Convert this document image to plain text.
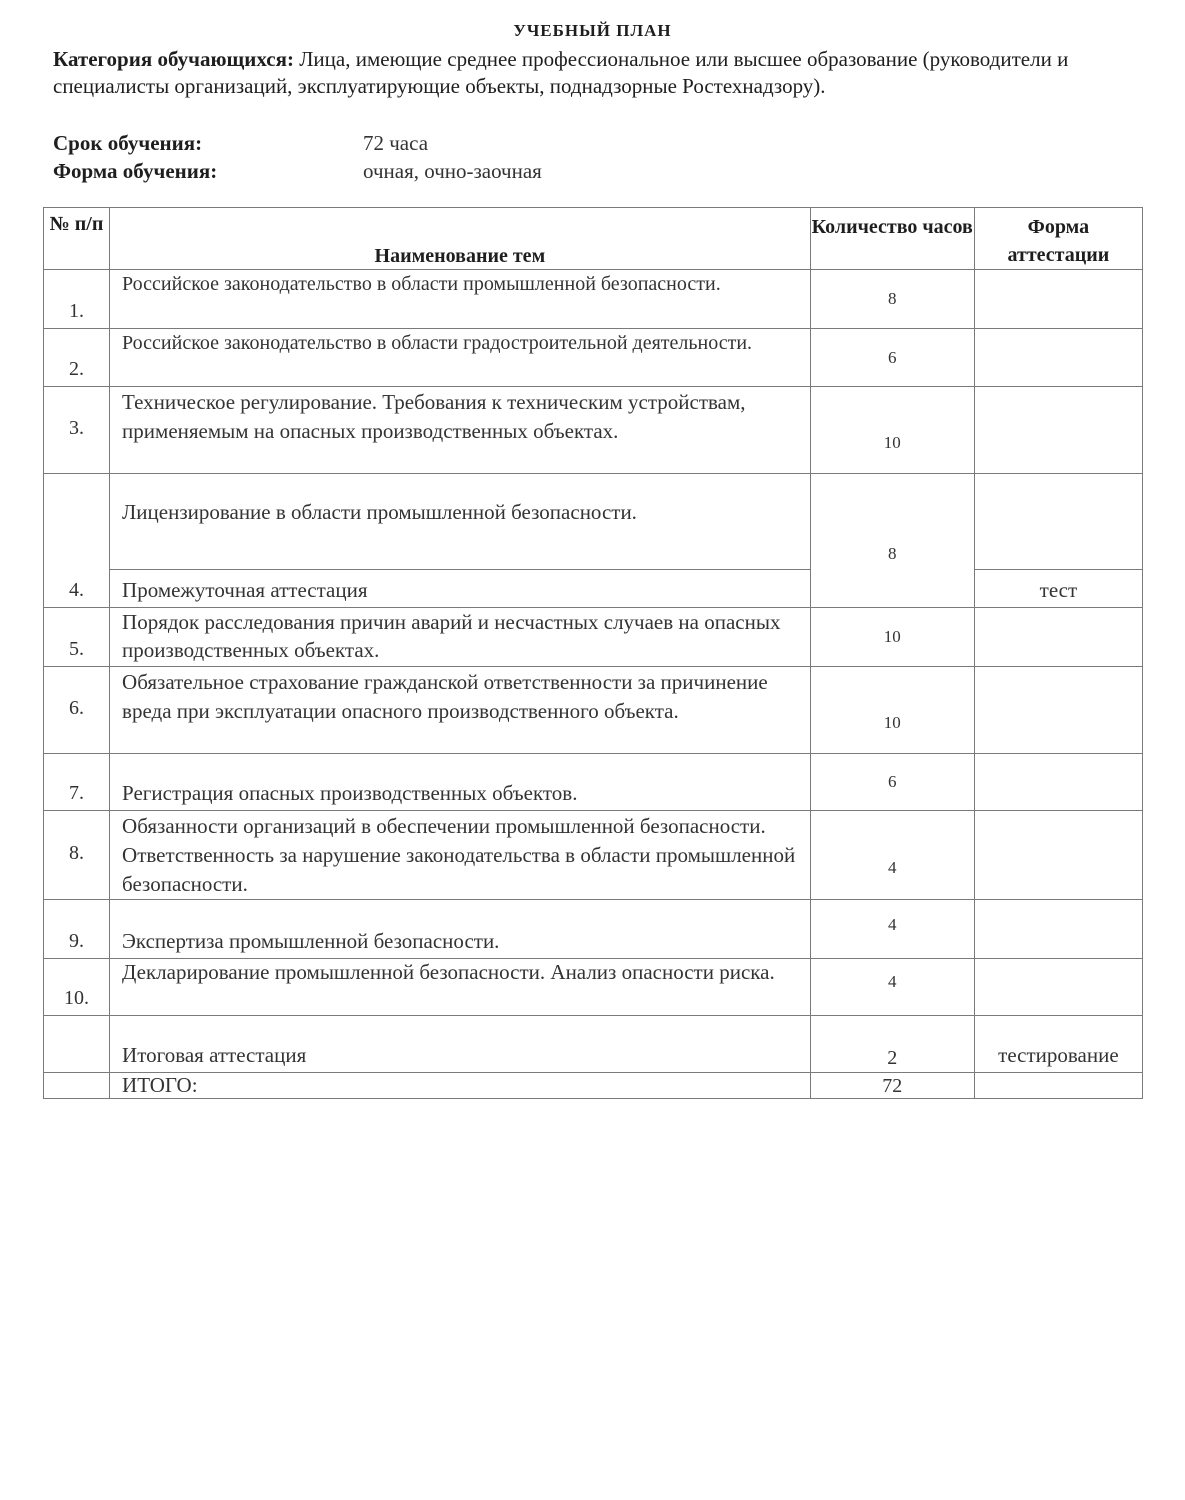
УЧЕБНЫЙ ПЛАН
Категория обучающихся: Лица, имеющие среднее профессиональное или высшее образование (руководители и специалисты организаций, эксплуатирующие объекты, поднадзорные Ростехнадзору).
Срок обучения:	72 часа
Форма обучения:	очная, очно-заочная
№ п/п	Наименование тем	Количество часов	Форма аттестации
1.	Российское законодательство в области промышленной безопасности.	8	
2.	Российское законодательство в области градостроительной деятельности.	6	
3.	Техническое регулирование. Требования к техническим устройствам, применяемым на опасных производственных объектах.	10	
4.	Лицензирование в области промышленной безопасности.	8	
	Промежуточная аттестация		тест
5.	Порядок расследования причин аварий и несчастных случаев на опасных производственных объектах.	10	
6.	Обязательное страхование гражданской ответственности за причинение вреда при эксплуатации опасного производственного объекта.	10	
7.	Регистрация опасных производственных объектов.	6	
8.	Обязанности организаций в обеспечении промышленной безопасности. Ответственность за нарушение законодательства в области промышленной безопасности.	4	
9.	Экспертиза промышленной безопасности.	4	
10.	Декларирование промышленной безопасности. Анализ опасности риска.	4	
	Итоговая аттестация	2	тестирование
	ИТОГО:	72	
